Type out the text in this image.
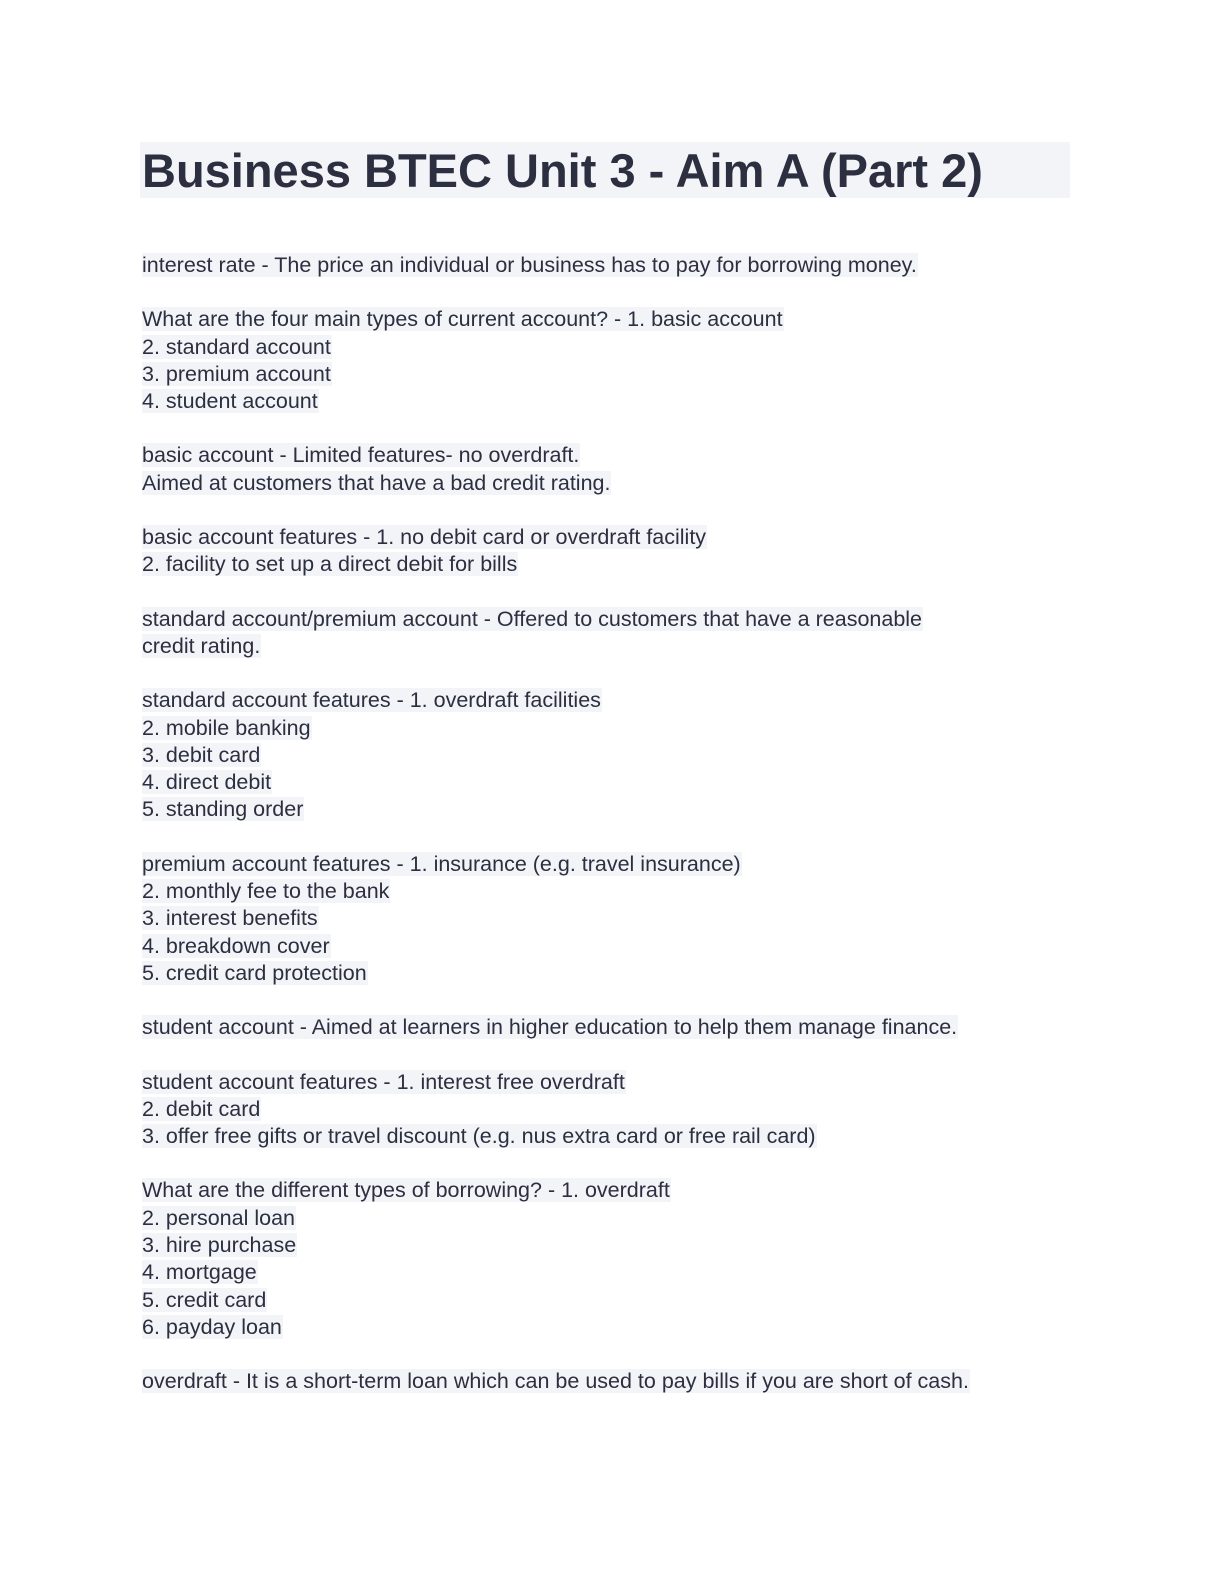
Business BTEC Unit 3 - Aim A (Part 2)
interest rate - The price an individual or business has to pay for borrowing money.
What are the four main types of current account? - 1. basic account
2. standard account
3. premium account
4. student account
basic account - Limited features- no overdraft.
Aimed at customers that have a bad credit rating.
basic account features - 1. no debit card or overdraft facility
2. facility to set up a direct debit for bills
standard account/premium account - Offered to customers that have a reasonable
credit rating.
standard account features - 1. overdraft facilities
2. mobile banking
3. debit card
4. direct debit
5. standing order
premium account features - 1. insurance (e.g. travel insurance)
2. monthly fee to the bank
3. interest benefits
4. breakdown cover
5. credit card protection
student account - Aimed at learners in higher education to help them manage finance.
student account features - 1. interest free overdraft
2. debit card
3. offer free gifts or travel discount (e.g. nus extra card or free rail card)
What are the different types of borrowing? - 1. overdraft
2. personal loan
3. hire purchase
4. mortgage
5. credit card
6. payday loan
overdraft - It is a short-term loan which can be used to pay bills if you are short of cash.
